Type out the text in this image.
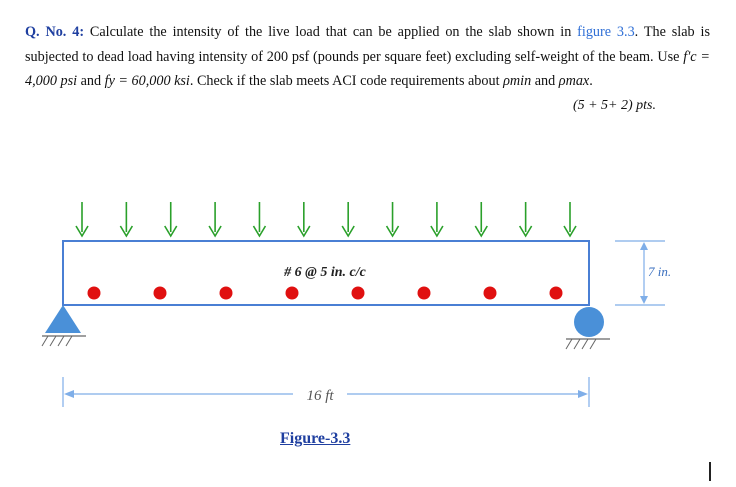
Q. No. 4: Calculate the intensity of the live load that can be applied on the slab shown in figure 3.3. The slab is subjected to dead load having intensity of 200 psf (pounds per square feet) excluding self-weight of the beam. Use f′c = 4,000 psi and fy = 60,000 ksi. Check if the slab meets ACI code requirements about ρmin and ρmax.
(5 + 5+ 2) pts.
# 6 @ 5 in. c/c	7 in.
16 ft
Figure-3.3
